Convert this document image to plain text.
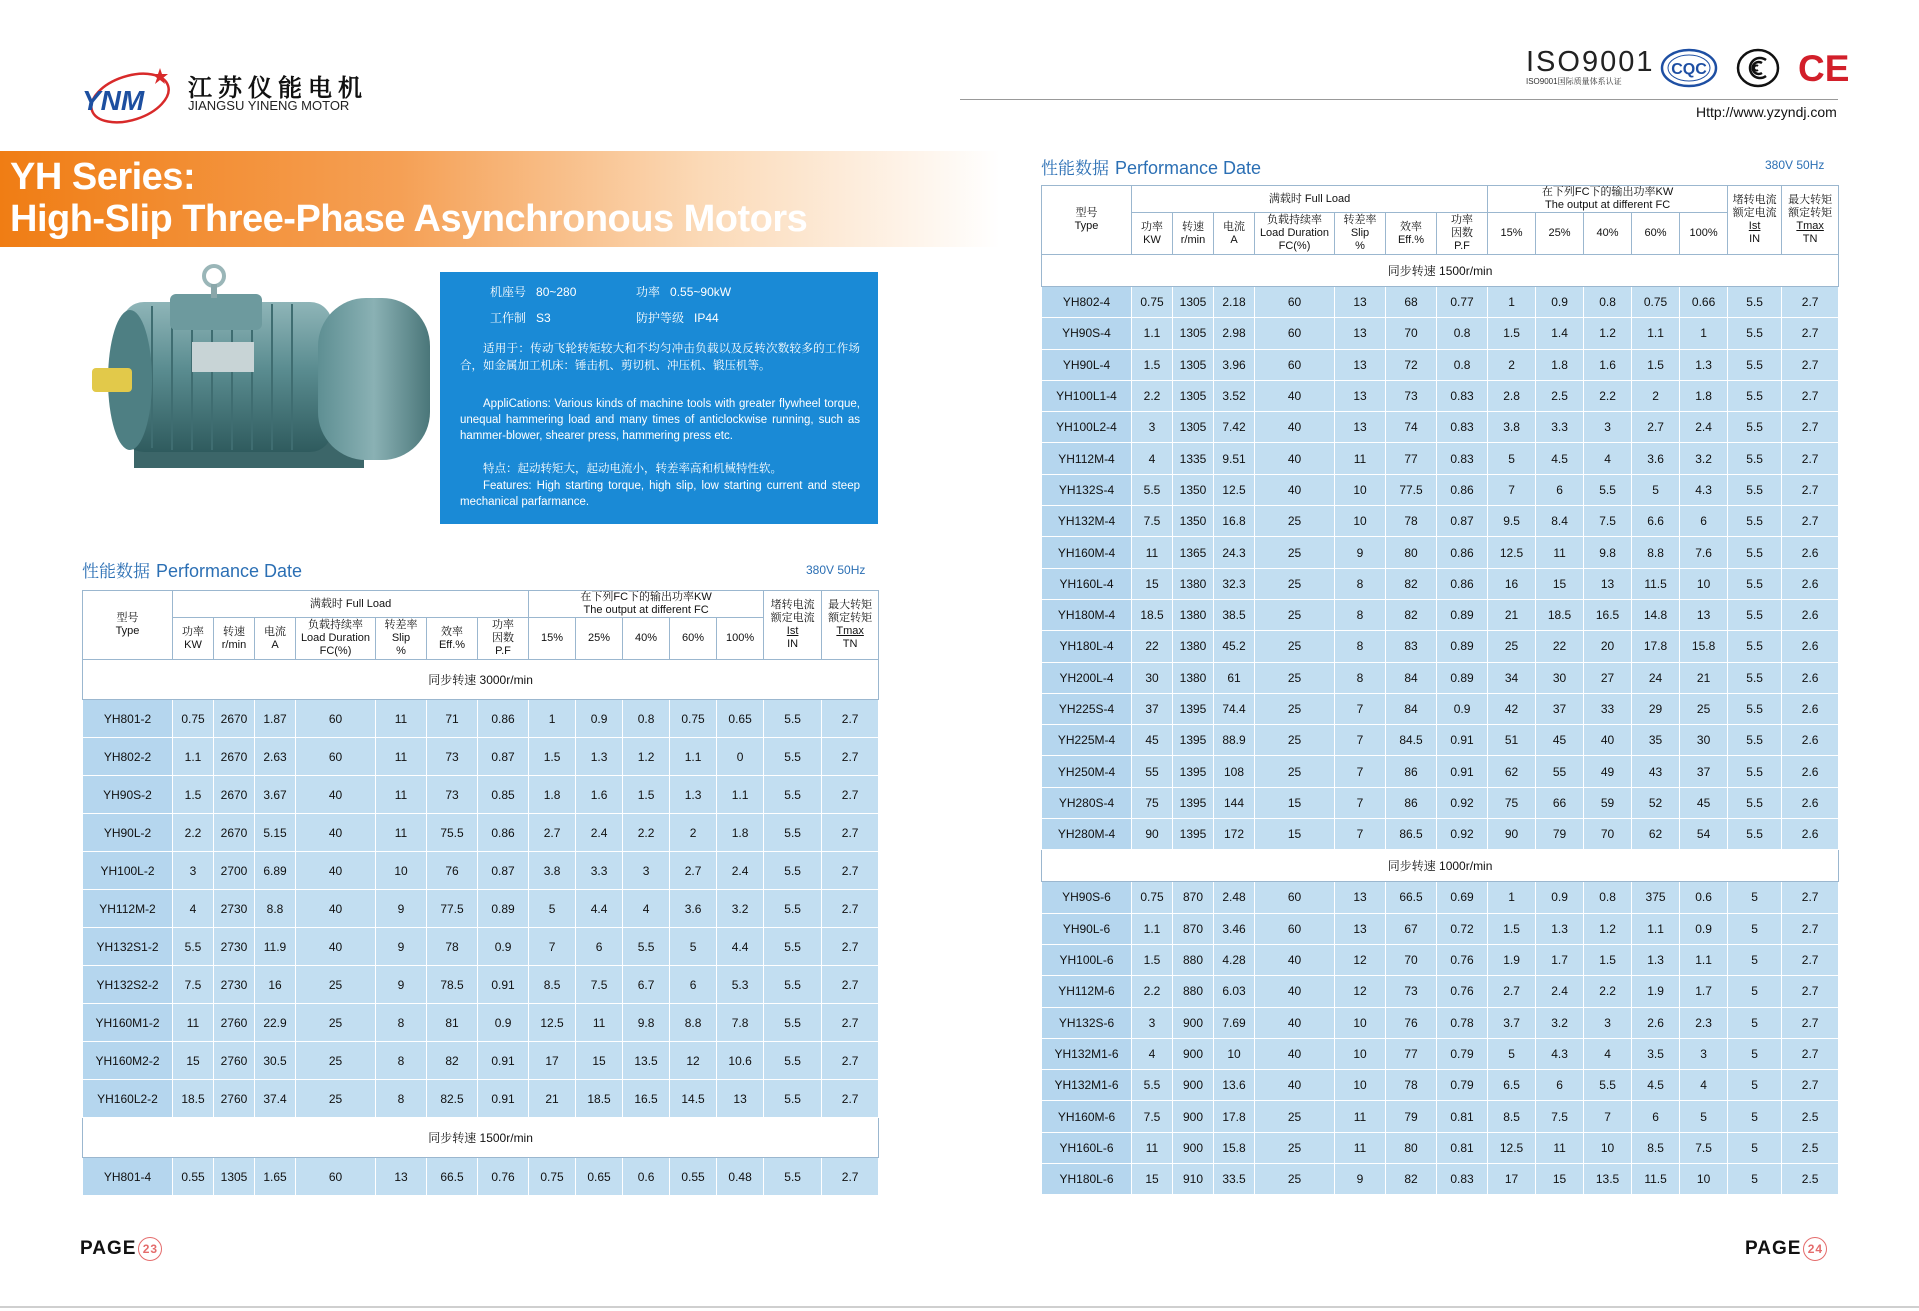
YNM 江苏仪能电机
JIANGSU YINENG MOTOR
ISO9001
ISO9001国际质量体系认证
CQC CE
Http://www.yzyndj.com
YH Series:
High-Slip Three-Phase Asynchronous Motors
机座号 80~280	功率 0.55~90kW
工作制 S3	防护等级 IP44
适用于：传动飞轮转矩较大和不均匀冲击负载以及反转次数较多的工作场合，如金属加工机床：锤击机、剪切机、冲压机、锻压机等。
AppliCations: Various kinds of machine tools with greater flywheel torque, unequal hammering load and many times of anticlockwise running, such as hammer-blower, shearer press, hammering press etc.
特点：起动转矩大，起动电流小，转差率高和机械特性软。
Features: High starting torque, high slip, low starting current and steep mechanical parfarmance.
性能数据 Performance Date	380V 50Hz
性能数据 Performance Date	380V 50Hz
型号
Type	满载时 Full Load							在下列FC下的输出功率KW
The output at different FC					堵转电流
额定电流
Ist
IN	最大转矩
额定转矩
Tmax
TN
	功率
KW	转速
r/min	电流
A	负载持续率
Load Duration
FC(%)	转差率
Slip
%	效率
Eff.%	功率
因数
P.F	15%	25%	40%	60%	100%		
同步转速 3000r/min														
YH801-2	0.75	2670	1.87	60	11	71	0.86	1	0.9	0.8	0.75	0.65	5.5	2.7
YH802-2	1.1	2670	2.63	60	11	73	0.87	1.5	1.3	1.2	1.1	0	5.5	2.7
YH90S-2	1.5	2670	3.67	40	11	73	0.85	1.8	1.6	1.5	1.3	1.1	5.5	2.7
YH90L-2	2.2	2670	5.15	40	11	75.5	0.86	2.7	2.4	2.2	2	1.8	5.5	2.7
YH100L-2	3	2700	6.89	40	10	76	0.87	3.8	3.3	3	2.7	2.4	5.5	2.7
YH112M-2	4	2730	8.8	40	9	77.5	0.89	5	4.4	4	3.6	3.2	5.5	2.7
YH132S1-2	5.5	2730	11.9	40	9	78	0.9	7	6	5.5	5	4.4	5.5	2.7
YH132S2-2	7.5	2730	16	25	9	78.5	0.91	8.5	7.5	6.7	6	5.3	5.5	2.7
YH160M1-2	11	2760	22.9	25	8	81	0.9	12.5	11	9.8	8.8	7.8	5.5	2.7
YH160M2-2	15	2760	30.5	25	8	82	0.91	17	15	13.5	12	10.6	5.5	2.7
YH160L2-2	18.5	2760	37.4	25	8	82.5	0.91	21	18.5	16.5	14.5	13	5.5	2.7
同步转速 1500r/min														
YH801-4	0.55	1305	1.65	60	13	66.5	0.76	0.75	0.65	0.6	0.55	0.48	5.5	2.7
型号
Type	满载时 Full Load							在下列FC下的输出功率KW
The output at different FC					堵转电流
额定电流
Ist
IN	最大转矩
额定转矩
Tmax
TN
	功率
KW	转速
r/min	电流
A	负载持续率
Load Duration
FC(%)	转差率
Slip
%	效率
Eff.%	功率
因数
P.F	15%	25%	40%	60%	100%		
同步转速 1500r/min														
YH802-4	0.75	1305	2.18	60	13	68	0.77	1	0.9	0.8	0.75	0.66	5.5	2.7
YH90S-4	1.1	1305	2.98	60	13	70	0.8	1.5	1.4	1.2	1.1	1	5.5	2.7
YH90L-4	1.5	1305	3.96	60	13	72	0.8	2	1.8	1.6	1.5	1.3	5.5	2.7
YH100L1-4	2.2	1305	3.52	40	13	73	0.83	2.8	2.5	2.2	2	1.8	5.5	2.7
YH100L2-4	3	1305	7.42	40	13	74	0.83	3.8	3.3	3	2.7	2.4	5.5	2.7
YH112M-4	4	1335	9.51	40	11	77	0.83	5	4.5	4	3.6	3.2	5.5	2.7
YH132S-4	5.5	1350	12.5	40	10	77.5	0.86	7	6	5.5	5	4.3	5.5	2.7
YH132M-4	7.5	1350	16.8	25	10	78	0.87	9.5	8.4	7.5	6.6	6	5.5	2.7
YH160M-4	11	1365	24.3	25	9	80	0.86	12.5	11	9.8	8.8	7.6	5.5	2.6
YH160L-4	15	1380	32.3	25	8	82	0.86	16	15	13	11.5	10	5.5	2.6
YH180M-4	18.5	1380	38.5	25	8	82	0.89	21	18.5	16.5	14.8	13	5.5	2.6
YH180L-4	22	1380	45.2	25	8	83	0.89	25	22	20	17.8	15.8	5.5	2.6
YH200L-4	30	1380	61	25	8	84	0.89	34	30	27	24	21	5.5	2.6
YH225S-4	37	1395	74.4	25	7	84	0.9	42	37	33	29	25	5.5	2.6
YH225M-4	45	1395	88.9	25	7	84.5	0.91	51	45	40	35	30	5.5	2.6
YH250M-4	55	1395	108	25	7	86	0.91	62	55	49	43	37	5.5	2.6
YH280S-4	75	1395	144	15	7	86	0.92	75	66	59	52	45	5.5	2.6
YH280M-4	90	1395	172	15	7	86.5	0.92	90	79	70	62	54	5.5	2.6
同步转速 1000r/min														
YH90S-6	0.75	870	2.48	60	13	66.5	0.69	1	0.9	0.8	375	0.6	5	2.7
YH90L-6	1.1	870	3.46	60	13	67	0.72	1.5	1.3	1.2	1.1	0.9	5	2.7
YH100L-6	1.5	880	4.28	40	12	70	0.76	1.9	1.7	1.5	1.3	1.1	5	2.7
YH112M-6	2.2	880	6.03	40	12	73	0.76	2.7	2.4	2.2	1.9	1.7	5	2.7
YH132S-6	3	900	7.69	40	10	76	0.78	3.7	3.2	3	2.6	2.3	5	2.7
YH132M1-6	4	900	10	40	10	77	0.79	5	4.3	4	3.5	3	5	2.7
YH132M1-6	5.5	900	13.6	40	10	78	0.79	6.5	6	5.5	4.5	4	5	2.7
YH160M-6	7.5	900	17.8	25	11	79	0.81	8.5	7.5	7	6	5	5	2.5
YH160L-6	11	900	15.8	25	11	80	0.81	12.5	11	10	8.5	7.5	5	2.5
YH180L-6	15	910	33.5	25	9	82	0.83	17	15	13.5	11.5	10	5	2.5
PAGE 23	PAGE 24
